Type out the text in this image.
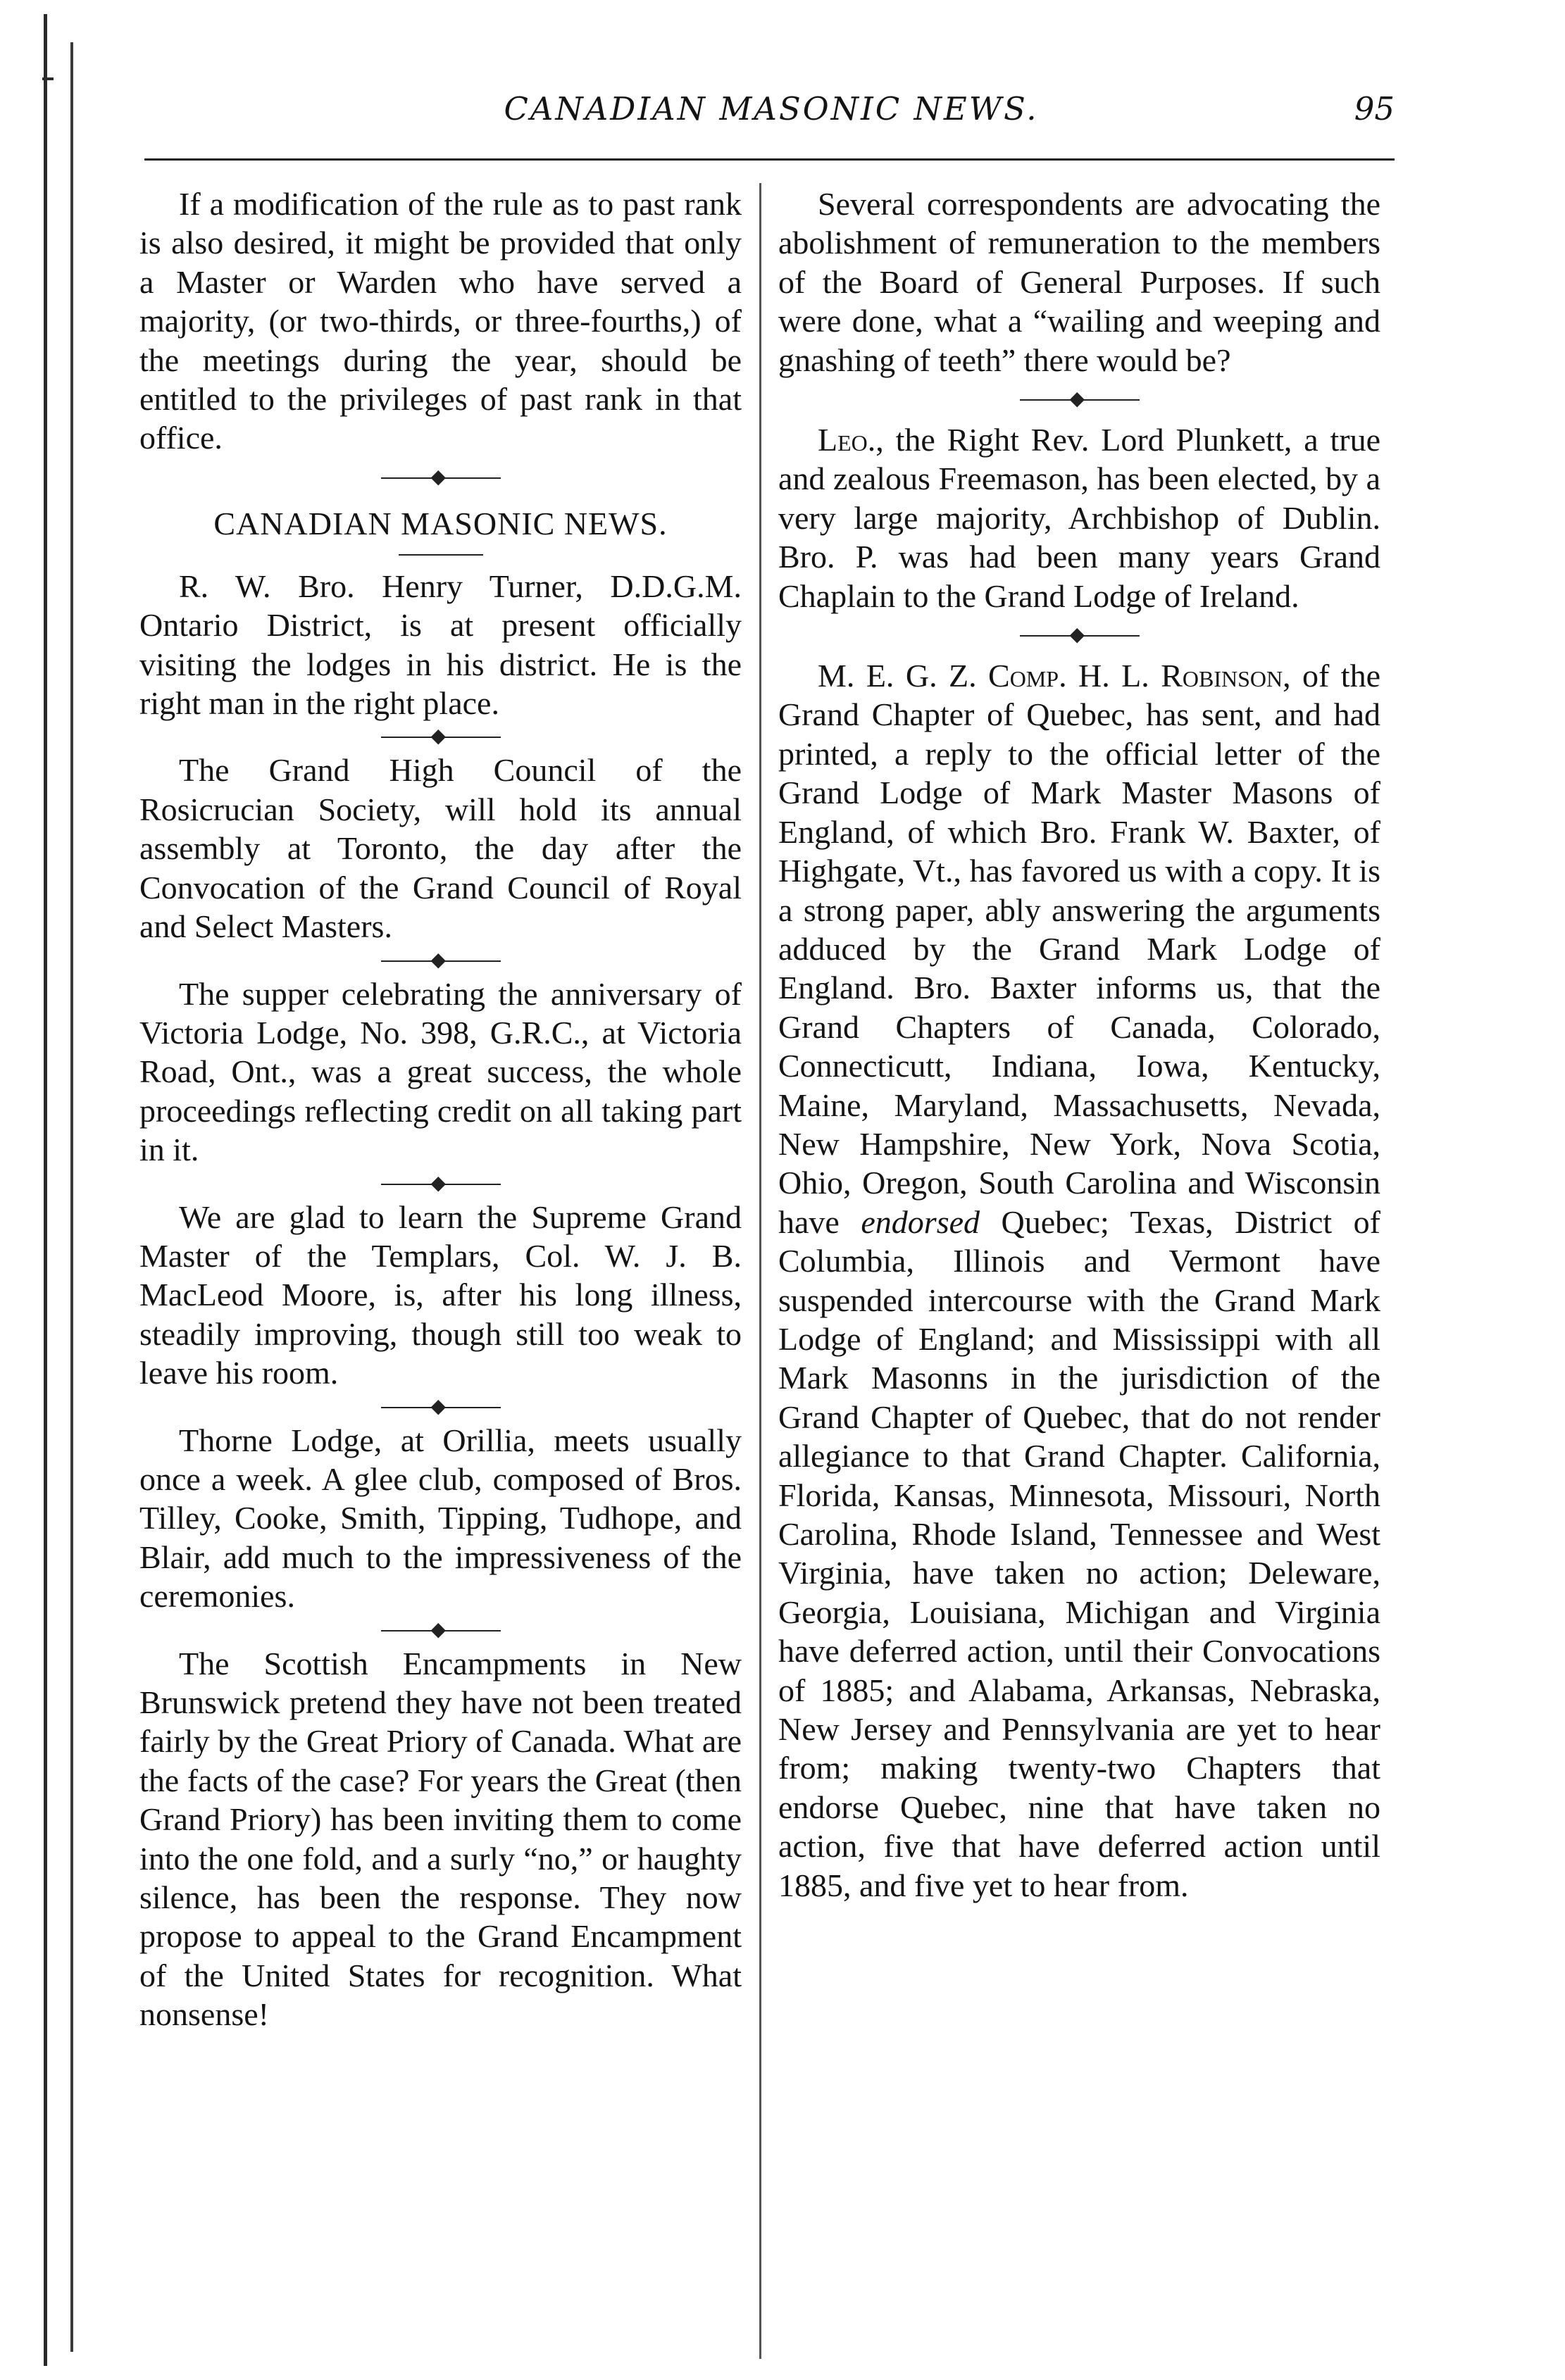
CANADIAN MASONIC NEWS.	95

If a modification of the rule as to past rank is also desired, it might be provided that only a Master or Warden who have served a majority, (or two-thirds, or three-fourths,) of the meetings during the year, should be entitled to the privileges of past rank in that office.

◆
CANADIAN MASONIC NEWS.

R. W. Bro. Henry Turner, D.D.G.M. Ontario District, is at present officially visiting the lodges in his district. He is the right man in the right place.

◆

The Grand High Council of the Rosicrucian Society, will hold its annual assembly at Toronto, the day after the Convocation of the Grand Council of Royal and Select Masters.

◆

The supper celebrating the anniversary of Victoria Lodge, No. 398, G.R.C., at Victoria Road, Ont., was a great success, the whole proceedings reflecting credit on all taking part in it.

◆

We are glad to learn the Supreme Grand Master of the Templars, Col. W. J. B. MacLeod Moore, is, after his long illness, steadily improving, though still too weak to leave his room.

◆

Thorne Lodge, at Orillia, meets usually once a week. A glee club, composed of Bros. Tilley, Cooke, Smith, Tipping, Tudhope, and Blair, add much to the impressiveness of the ceremonies.

◆

The Scottish Encampments in New Brunswick pretend they have not been treated fairly by the Great Priory of Canada. What are the facts of the case? For years the Great (then Grand Priory) has been inviting them to come into the one fold, and a surly “no,” or haughty silence, has been the response. They now propose to appeal to the Grand Encampment of the United States for recognition. What nonsense!

Several correspondents are advocating the abolishment of remuneration to the members of the Board of General Purposes. If such were done, what a “wailing and weeping and gnashing of teeth” there would be?

◆

Leo., the Right Rev. Lord Plunkett, a true and zealous Freemason, has been elected, by a very large majority, Archbishop of Dublin. Bro. P. was had been many years Grand Chaplain to the Grand Lodge of Ireland.

◆

M. E. G. Z. Comp. H. L. Robinson, of the Grand Chapter of Quebec, has sent, and had printed, a reply to the official letter of the Grand Lodge of Mark Master Masons of England, of which Bro. Frank W. Baxter, of Highgate, Vt., has favored us with a copy. It is a strong paper, ably answering the arguments adduced by the Grand Mark Lodge of England. Bro. Baxter informs us, that the Grand Chapters of Canada, Colorado, Connecticutt, Indiana, Iowa, Kentucky, Maine, Maryland, Massachusetts, Nevada, New Hampshire, New York, Nova Scotia, Ohio, Oregon, South Carolina and Wisconsin have endorsed Quebec; Texas, District of Columbia, Illinois and Vermont have suspended intercourse with the Grand Mark Lodge of England; and Mississippi with all Mark Masonns in the jurisdiction of the Grand Chapter of Quebec, that do not render allegiance to that Grand Chapter. California, Florida, Kansas, Minnesota, Missouri, North Carolina, Rhode Island, Tennessee and West Virginia, have taken no action; Deleware, Georgia, Louisiana, Michigan and Virginia have deferred action, until their Convocations of 1885; and Alabama, Arkansas, Nebraska, New Jersey and Pennsylvania are yet to hear from; making twenty-two Chapters that endorse Quebec, nine that have taken no action, five that have deferred action until 1885, and five yet to hear from.
